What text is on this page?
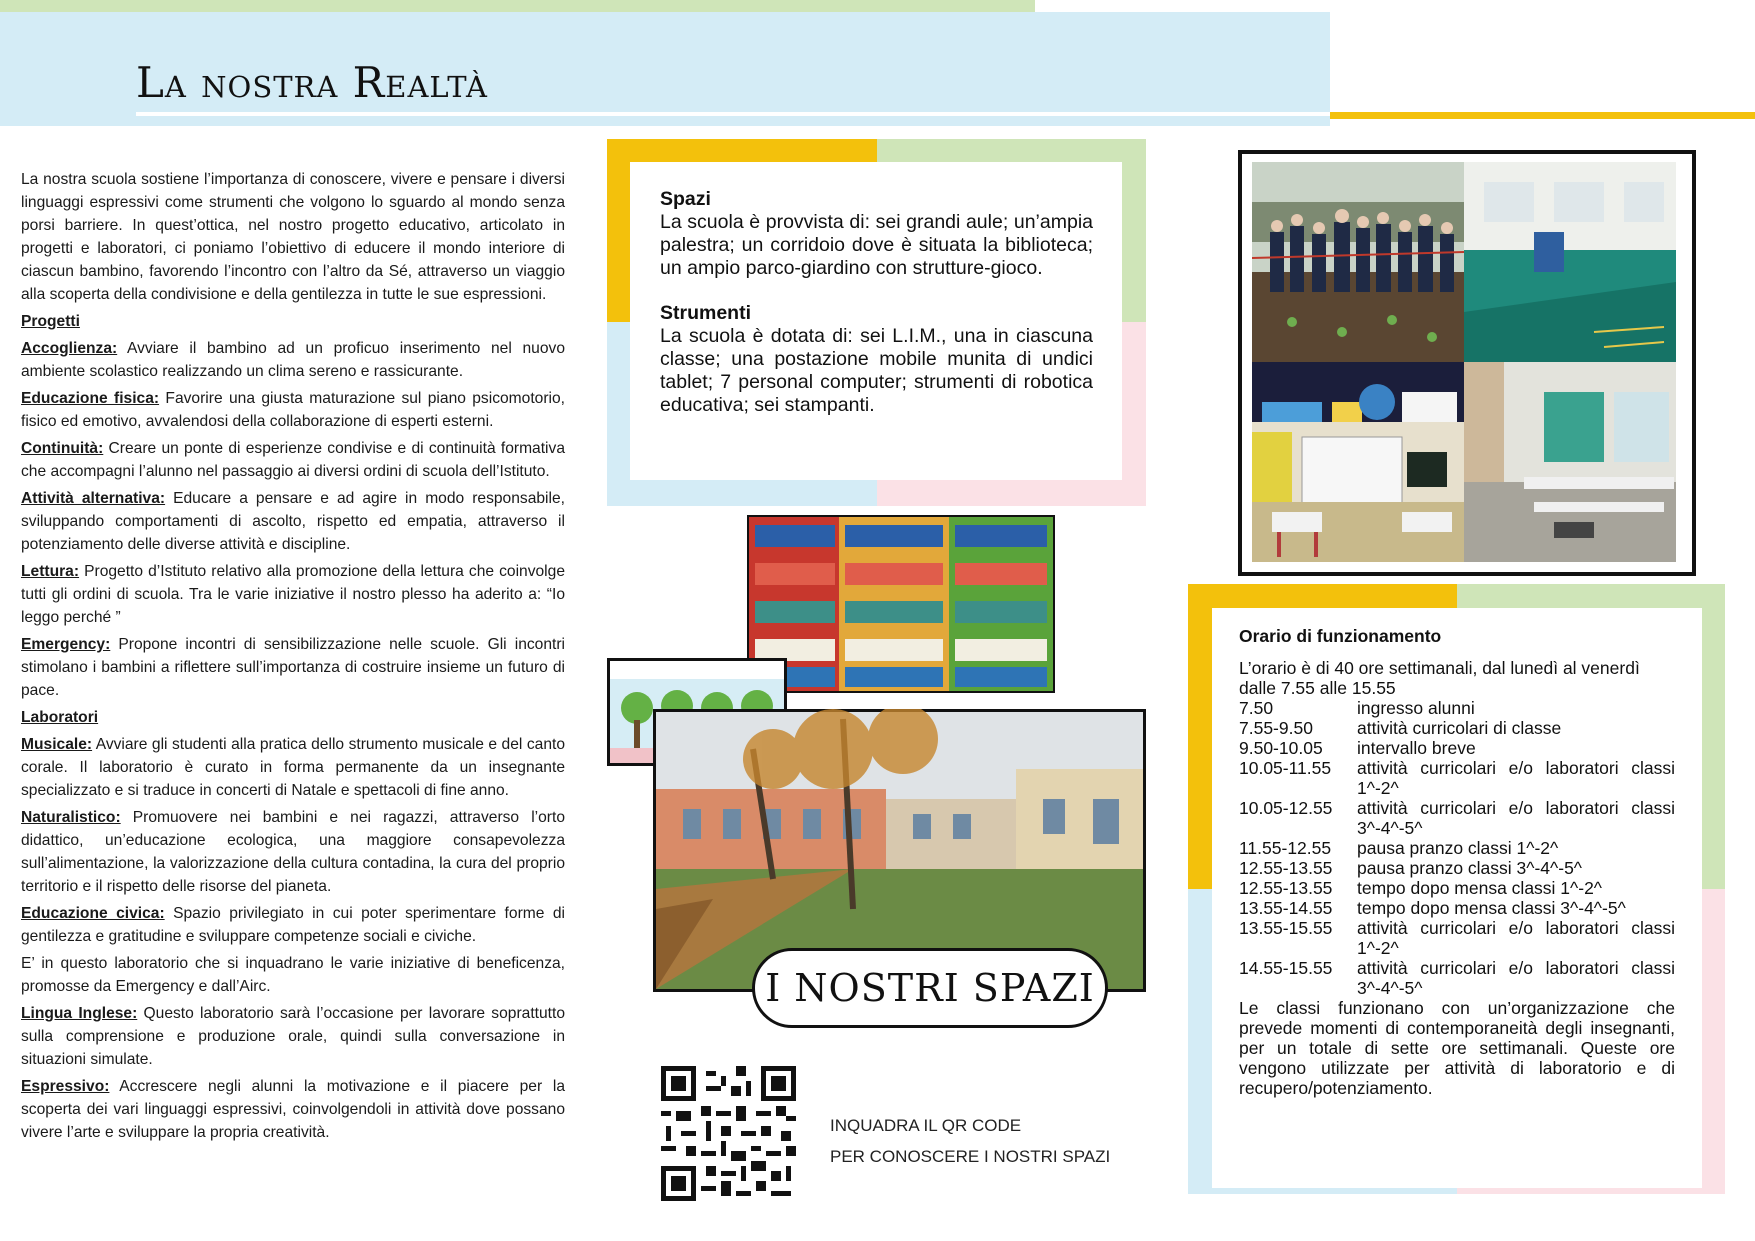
La nostra Realtà

La nostra scuola sostiene l’importanza di conoscere, vivere e pensare i diversi linguaggi espressivi come strumenti che volgono lo sguardo al mondo senza porsi barriere. In quest’ottica, nel nostro progetto educativo, articolato in progetti e laboratori, ci poniamo l’obiettivo di educere il mondo interiore di ciascun bambino, favorendo l’incontro con l’altro da Sé, attraverso un viaggio alla scoperta della condivisione e della gentilezza in tutte le sue espressioni.

Progetti

Accoglienza: Avviare il bambino ad un proficuo inserimento nel nuovo ambiente scolastico realizzando un clima sereno e rassicurante.

Educazione fisica: Favorire una giusta maturazione sul piano psicomotorio, fisico ed emotivo, avvalendosi della collaborazione di esperti esterni.

Continuità: Creare un ponte di esperienze condivise e di continuità formativa che accompagni l’alunno nel passaggio ai diversi ordini di scuola dell’Istituto.

Attività alternativa: Educare a pensare e ad agire in modo responsabile, sviluppando comportamenti di ascolto, rispetto ed empatia, attraverso il potenziamento delle diverse attività e discipline.

Lettura: Progetto d’Istituto relativo alla promozione della lettura che coinvolge tutti gli ordini di scuola. Tra le varie iniziative il nostro plesso ha aderito a: “Io leggo perché ”

Emergency: Propone incontri di sensibilizzazione nelle scuole. Gli incontri stimolano i bambini a riflettere sull’importanza di costruire insieme un futuro di pace.

Laboratori

Musicale: Avviare gli studenti alla pratica dello strumento musicale e del canto corale. Il laboratorio è curato in forma permanente da un insegnante specializzato e si traduce in concerti di Natale e spettacoli di fine anno.

Naturalistico: Promuovere nei bambini e nei ragazzi, attraverso l’orto didattico, un’educazione ecologica, una maggiore consapevolezza sull’alimentazione, la valorizzazione della cultura contadina, la cura del proprio territorio e il rispetto delle risorse del pianeta.

Educazione civica: Spazio privilegiato in cui poter sperimentare forme di gentilezza e gratitudine e sviluppare competenze sociali e civiche.

E’ in questo laboratorio che si inquadrano le varie iniziative di beneficenza, promosse da Emergency e dall’Airc.

Lingua Inglese: Questo laboratorio sarà l’occasione per lavorare soprattutto sulla comprensione e produzione orale, quindi sulla conversazione in situazioni simulate.

Espressivo: Accrescere negli alunni la motivazione e il piacere per la scoperta dei vari linguaggi espressivi, coinvolgendoli in attività dove possano vivere l’arte e sviluppare la propria creatività.

Spazi
La scuola è provvista di: sei grandi aule; un’ampia palestra; un corridoio dove è situata la biblioteca; un ampio parco-giardino con strutture-gioco.
Strumenti
La scuola è dotata di: sei L.I.M., una in ciascuna classe; una postazione mobile munita di undici tablet; 7 personal computer; strumenti di robotica educativa; sei stampanti.
I NOSTRI SPAZI
INQUADRA IL QR CODE
PER CONOSCERE I NOSTRI SPAZI
Orario di funzionamento
L’orario è di 40 ore settimanali, dal lunedì al venerdì dalle 7.55 alle 15.55
7.50	ingresso alunni
7.55-9.50	attività curricolari di classe
9.50-10.05	intervallo breve
10.05-11.55	attività curricolari e/o laboratori classi 1^-2^
10.05-12.55	attività curricolari e/o laboratori classi 3^-4^-5^
11.55-12.55	pausa pranzo classi 1^-2^
12.55-13.55	pausa pranzo classi 3^-4^-5^
12.55-13.55	tempo dopo mensa classi 1^-2^
13.55-14.55	tempo dopo mensa classi 3^-4^-5^
13.55-15.55	attività curricolari e/o laboratori classi 1^-2^
14.55-15.55	attività curricolari e/o laboratori classi 3^-4^-5^
Le classi funzionano con un’organizzazione che prevede momenti di contemporaneità degli insegnanti, per un totale di sette ore settimanali. Queste ore vengono utilizzate per attività di laboratorio e di recupero/potenziamento.
